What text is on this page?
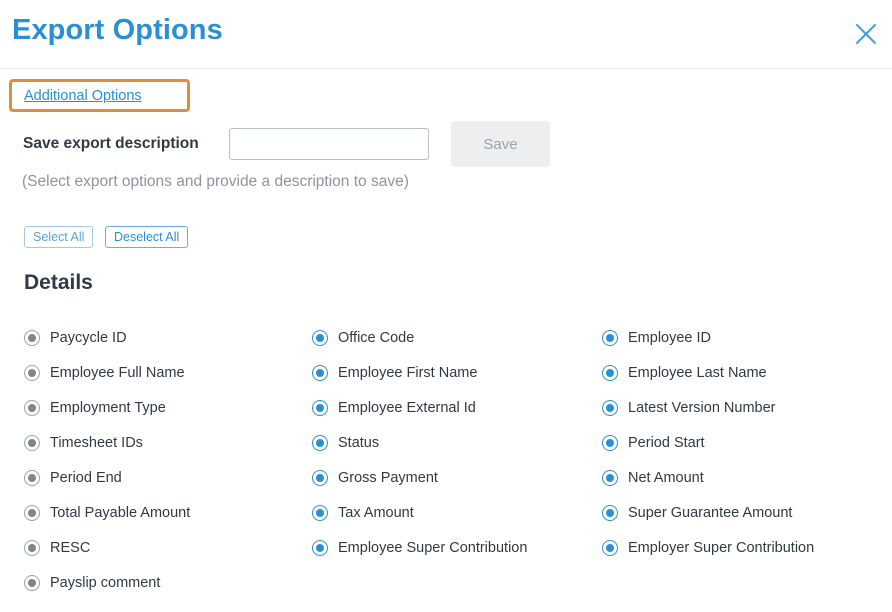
Export Options
Additional Options
Save export description	Save
(Select export options and provide a description to save)
Select All	Deselect All
Details
Paycycle ID	Office Code	Employee ID
Employee Full Name	Employee First Name	Employee Last Name
Employment Type	Employee External Id	Latest Version Number
Timesheet IDs	Status	Period Start
Period End	Gross Payment	Net Amount
Total Payable Amount	Tax Amount	Super Guarantee Amount
RESC	Employee Super Contribution	Employer Super Contribution
Payslip comment
